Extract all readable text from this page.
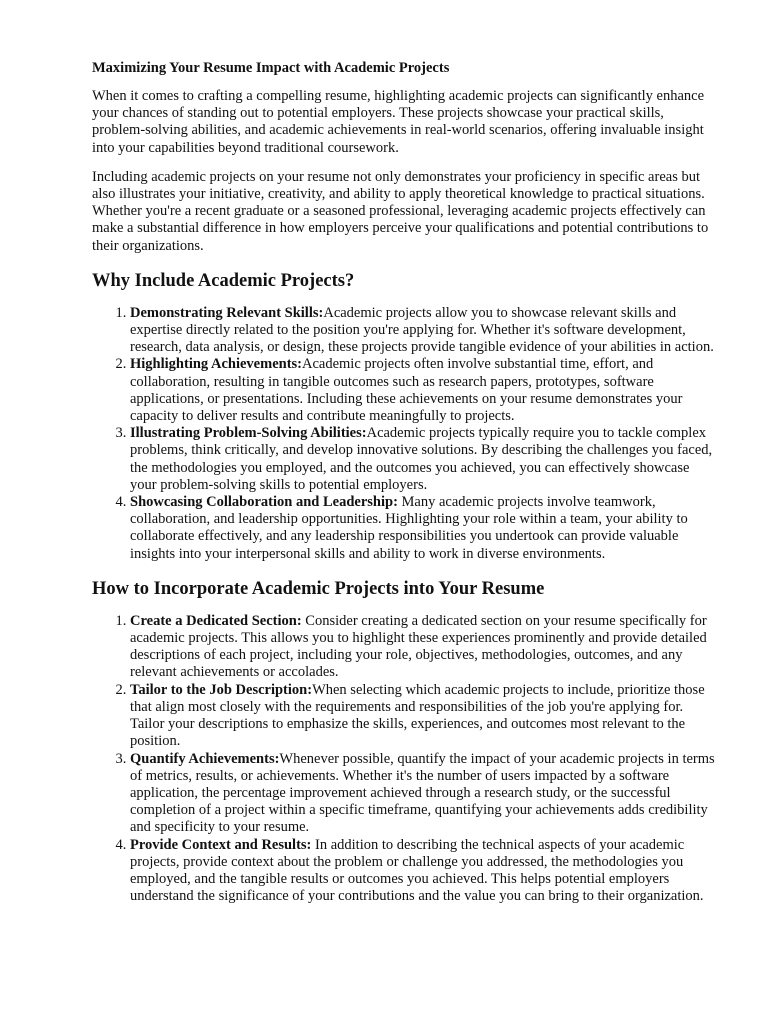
Maximizing Your Resume Impact with Academic Projects

When it comes to crafting a compelling resume, highlighting academic projects can significantly enhance your chances of standing out to potential employers. These projects showcase your practical skills, problem-solving abilities, and academic achievements in real-world scenarios, offering invaluable insight into your capabilities beyond traditional coursework.

Including academic projects on your resume not only demonstrates your proficiency in specific areas but also illustrates your initiative, creativity, and ability to apply theoretical knowledge to practical situations. Whether you're a recent graduate or a seasoned professional, leveraging academic projects effectively can make a substantial difference in how employers perceive your qualifications and potential contributions to their organizations.

Why Include Academic Projects?
1. Demonstrating Relevant Skills:Academic projects allow you to showcase relevant skills and expertise directly related to the position you're applying for. Whether it's software development, research, data analysis, or design, these projects provide tangible evidence of your abilities in action.
2. Highlighting Achievements:Academic projects often involve substantial time, effort, and collaboration, resulting in tangible outcomes such as research papers, prototypes, software applications, or presentations. Including these achievements on your resume demonstrates your capacity to deliver results and contribute meaningfully to projects.
3. Illustrating Problem-Solving Abilities:Academic projects typically require you to tackle complex problems, think critically, and develop innovative solutions. By describing the challenges you faced, the methodologies you employed, and the outcomes you achieved, you can effectively showcase your problem-solving skills to potential employers.
4. Showcasing Collaboration and Leadership: Many academic projects involve teamwork, collaboration, and leadership opportunities. Highlighting your role within a team, your ability to collaborate effectively, and any leadership responsibilities you undertook can provide valuable insights into your interpersonal skills and ability to work in diverse environments.
How to Incorporate Academic Projects into Your Resume
1. Create a Dedicated Section: Consider creating a dedicated section on your resume specifically for academic projects. This allows you to highlight these experiences prominently and provide detailed descriptions of each project, including your role, objectives, methodologies, outcomes, and any relevant achievements or accolades.
2. Tailor to the Job Description:When selecting which academic projects to include, prioritize those that align most closely with the requirements and responsibilities of the job you're applying for. Tailor your descriptions to emphasize the skills, experiences, and outcomes most relevant to the position.
3. Quantify Achievements:Whenever possible, quantify the impact of your academic projects in terms of metrics, results, or achievements. Whether it's the number of users impacted by a software application, the percentage improvement achieved through a research study, or the successful completion of a project within a specific timeframe, quantifying your achievements adds credibility and specificity to your resume.
4. Provide Context and Results: In addition to describing the technical aspects of your academic projects, provide context about the problem or challenge you addressed, the methodologies you employed, and the tangible results or outcomes you achieved. This helps potential employers understand the significance of your contributions and the value you can bring to their organization.
